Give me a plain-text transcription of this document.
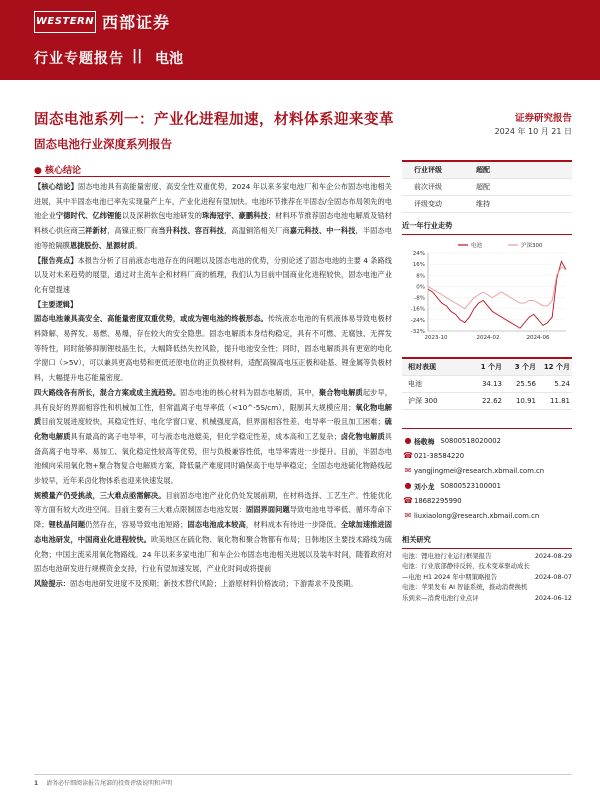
WESTERN 西部证券
行业专题报告 || 电池
固态电池系列一：产业化进程加速，材料体系迎来变革	证券研究报告
2024 年 10 月 21 日
固态电池行业深度系列报告
● 核心结论

【核心结论】固态电池具有高能量密度、高安全性双重优势，2024 年以来多家电池厂和车企公布固态电池相关进展，其中半固态电池已率先实现量产上车，产业化进程有望加快。电池环节推荐在半固态/全固态布局领先的电池企业宁德时代、亿纬锂能以及深耕软包电池研发的珠海冠宇、豪鹏科技；材料环节推荐固态电池电解质及锆材料核心供应商三祥新材，高镍正极厂商当升科技、容百科技，高温铜箔相关厂商嘉元科技、中一科技，半固态电池等抢隔膜恩捷股份、星源材质。

【报告亮点】本报告分析了目前液态电池存在的问题以及固态电池的优势，分别论述了固态电池的主要 4 条路线以及对未来趋势的展望，通过对主流车企和材料厂商的梳理，我们认为目前中国商业化进程较快，固态电池产业化有望提速

【主要逻辑】

固态电池兼具高安全、高能量密度双重优势，或成为锂电池的终极形态。传统液态电池的有机液体易导致电极材料降解、易挥发、易燃、易爆，存在较大的安全隐患。固态电解质本身结构稳定，具有不可燃、无腐蚀、无挥发等特性，同时能够抑制锂枝晶生长，大幅降低热失控风险，提升电池安全性；同时，固态电解质具有更宽的电化学窗口（>5V），可以兼具更高电势和更低还原电位的正负极材料，适配高镍高电压正极和硅基、锂金属等负极材料，大幅提升电芯能量密度。

四大路线各有所长，混合方案或成主流趋势。固态电池的核心材料为固态电解质，其中，聚合物电解质起步早，具有良好的界面相容性和机械加工性，但常温离子电导率低（<10^-5S/cm），限制其大规模应用；氧化物电解质目前发展进度较快，其稳定性好、电化学窗口宽、机械强度高，但界面相容性差、电导率一般且加工困难；硫化物电解质具有最高的离子电导率，可与液态电池媲美，但化学稳定性差，成本高和工艺复杂；卤化物电解质具备高离子电导率、易加工、氧化稳定性较高等优势，但与负极兼容性低，电导率需进一步提升。目前，半固态电池倾向采用氧化物+聚合物复合电解质方案，降低量产难度同时确保高于电导率稳定；全固态电池硫化物路线起步较早，近年来卤化物体系也迎来快速发展。

规模量产仍受挑战，三大难点亟需解决。目前固态电池产业化仍处发展前期，在材料选择、工艺生产、性能优化等方面有较大改进空间。目前主要有三大难点限制固态电池发展：固固界面问题导致电池电导率低、循环寿命下降；锂枝晶问题仍然存在，容易导致电池短路；固态电池成本较高，材料成本有待进一步降低。全球加速推进固态电池研发，中国商业化进程较快。欧美地区在硫化物、氧化物和聚合物都有布局；日韩地区主要技术路线为硫化物；中国主流采用氧化物路线。24 年以来多家电池厂和车企公布固态电池相关进展以及装车时间，随着政府对固态电池研发进行规模资金支持，行业有望加速发展，产业化时间或将提前

风险提示：固态电池研发进度不及预期；新技术替代风险；上游原材料价格波动；下游需求不及预期。

行业评级	超配
前次评级	超配
评级变动	维持
近一年行业走势
24%
16%
8%
0%
-8%
-16%
-24%
-32%
2023-10	2024-02	2024-06
电池	沪深300
相对表现	1 个月	3 个月	12 个月
电池	34.13	25.56	5.24
沪深 300	22.62	10.91	11.81
● 杨敬梅 S0800518020002
☎ 021-38584220
✉ yangjingmei@research.xbmail.com.cn
● 刘小龙 S0800523100001
☎ 18682295990
✉ liuxiaolong@research.xbmail.com.cn
相关研究
电池：锂电池行业运行框架报告	2024-08-29
电池：行业底部静待反转，技术变革驱动成长
—电池 H1 2024 年中期策略报告	2024-08-07
电池：苹果发布 AI 智能系统，推动消费换机
乐到来—消费电池行业点评	2024-06-12
1 请务必仔细阅读报告尾部的投资评级说明和声明
